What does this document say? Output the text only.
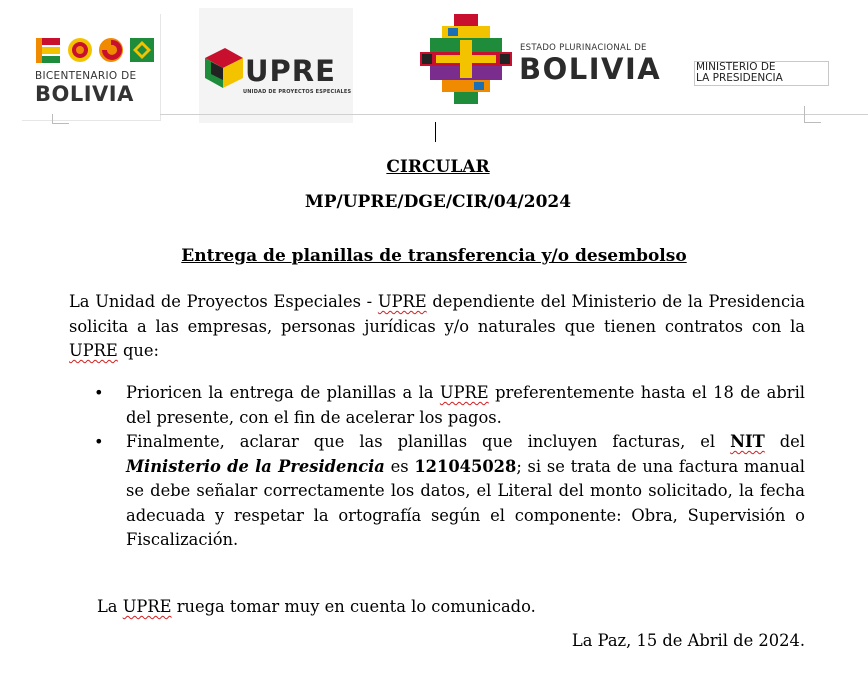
BICENTENARIO DE
BOLIVIA
UPRE
UNIDAD DE PROYECTOS ESPECIALES
ESTADO PLURINACIONAL DE
BOLIVIA	MINISTERIO DE
LA PRESIDENCIA
CIRCULAR
MP/UPRE/DGE/CIR/04/2024
Entrega de planillas de transferencia y/o desembolso
La Unidad de Proyectos Especiales - UPRE dependiente del Ministerio de la Presidencia solicita a las empresas, personas jurídicas y/o naturales que tienen contratos con la UPRE que:
• Prioricen la entrega de planillas a la UPRE preferentemente hasta el 18 de abril del presente, con el fin de acelerar los pagos.
• Finalmente, aclarar que las planillas que incluyen facturas, el NIT del Ministerio de la Presidencia es 121045028; si se trata de una factura manual se debe señalar correctamente los datos, el Literal del monto solicitado, la fecha adecuada y respetar la ortografía según el componente: Obra, Supervisión o Fiscalización.
La UPRE ruega tomar muy en cuenta lo comunicado.
La Paz, 15 de Abril de 2024.
